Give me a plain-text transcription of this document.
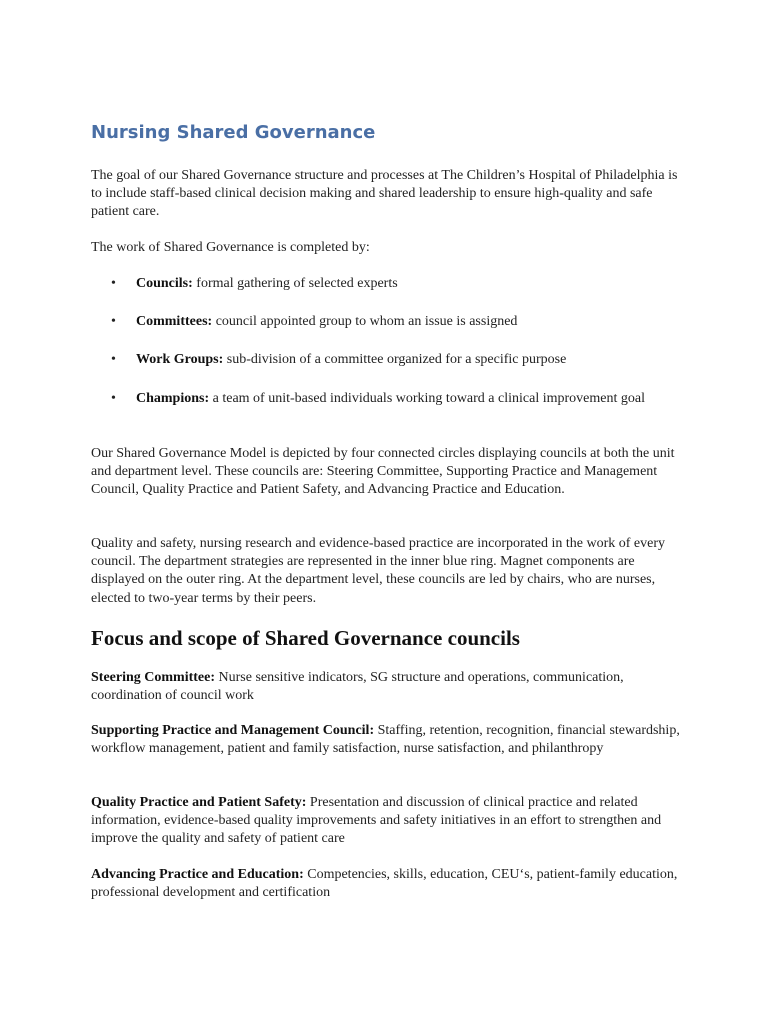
Nursing Shared Governance

The goal of our Shared Governance structure and processes at The Children’s Hospital of Philadelphia is to include staff-based clinical decision making and shared leadership to ensure high-quality and safe patient care.

The work of Shared Governance is completed by:

• Councils: formal gathering of selected experts
• Committees: council appointed group to whom an issue is assigned
• Work Groups: sub-division of a committee organized for a specific purpose
• Champions: a team of unit-based individuals working toward a clinical improvement goal

Our Shared Governance Model is depicted by four connected circles displaying councils at both the unit and department level. These councils are: Steering Committee, Supporting Practice and Management Council, Quality Practice and Patient Safety, and Advancing Practice and Education.

Quality and safety, nursing research and evidence-based practice are incorporated in the work of every council. The department strategies are represented in the inner blue ring. Magnet components are displayed on the outer ring. At the department level, these councils are led by chairs, who are nurses, elected to two-year terms by their peers.

Focus and scope of Shared Governance councils

Steering Committee: Nurse sensitive indicators, SG structure and operations, communication, coordination of council work

Supporting Practice and Management Council: Staffing, retention, recognition, financial stewardship, workflow management, patient and family satisfaction, nurse satisfaction, and philanthropy

Quality Practice and Patient Safety: Presentation and discussion of clinical practice and related information, evidence-based quality improvements and safety initiatives in an effort to strengthen and improve the quality and safety of patient care

Advancing Practice and Education: Competencies, skills, education, CEU‘s, patient-family education, professional development and certification
